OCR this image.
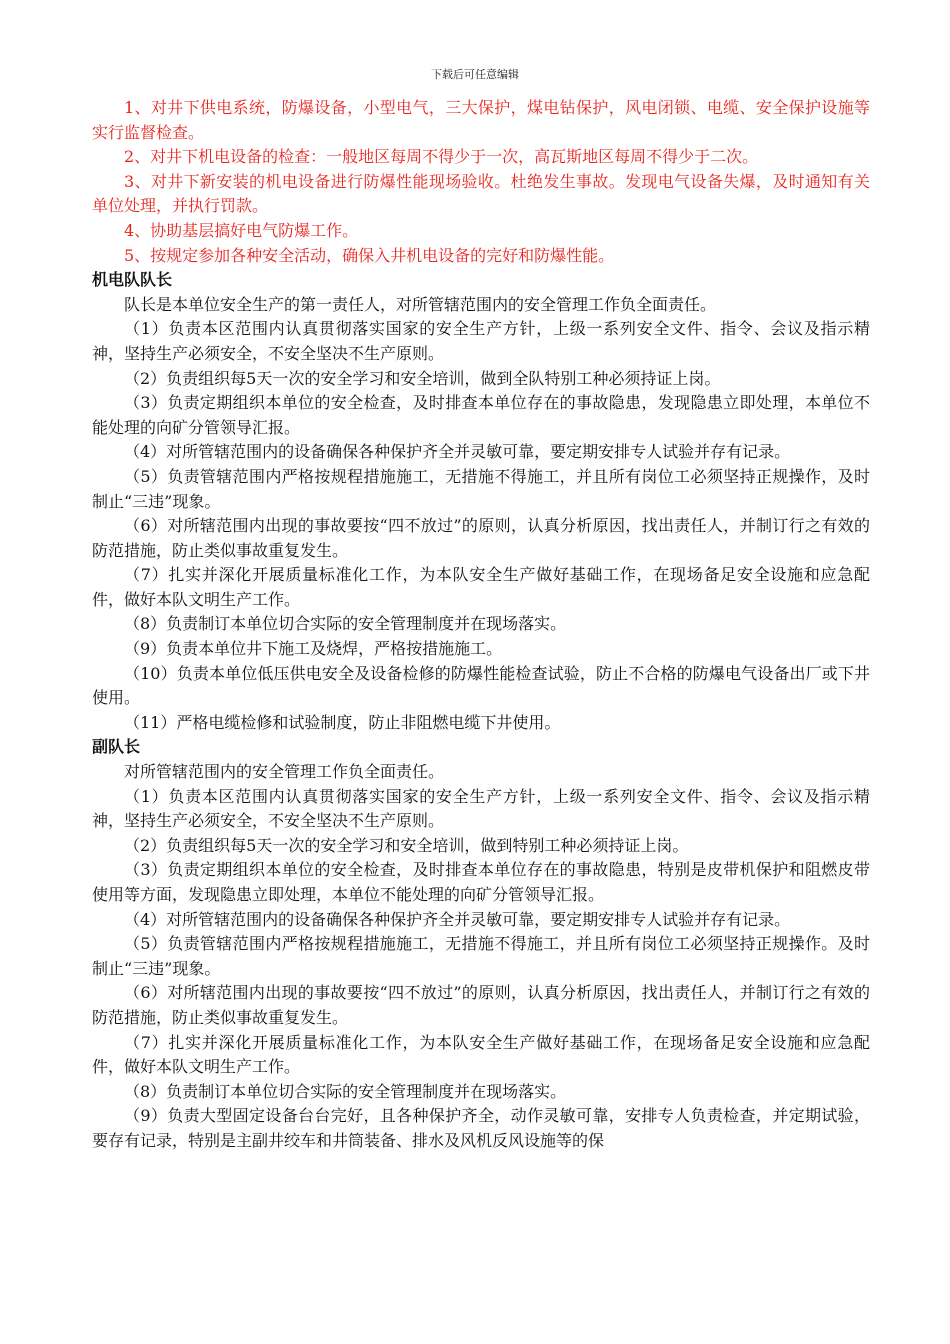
下载后可任意编辑

1、对井下供电系统，防爆设备，小型电气，三大保护，煤电钻保护，风电闭锁、电缆、安全保护设施等实行监督检查。

2、对井下机电设备的检查：一般地区每周不得少于一次，高瓦斯地区每周不得少于二次。

3、对井下新安装的机电设备进行防爆性能现场验收。杜绝发生事故。发现电气设备失爆，及时通知有关单位处理，并执行罚款。

4、协助基层搞好电气防爆工作。

5、按规定参加各种安全活动，确保入井机电设备的完好和防爆性能。

机电队队长

队长是本单位安全生产的第一责任人，对所管辖范围内的安全管理工作负全面责任。

（1）负责本区范围内认真贯彻落实国家的安全生产方针，上级一系列安全文件、指令、会议及指示精神，坚持生产必须安全，不安全坚决不生产原则。

（2）负责组织每5天一次的安全学习和安全培训，做到全队特别工种必须持证上岗。

（3）负责定期组织本单位的安全检查，及时排查本单位存在的事故隐患，发现隐患立即处理，本单位不能处理的向矿分管领导汇报。

（4）对所管辖范围内的设备确保各种保护齐全并灵敏可靠，要定期安排专人试验并存有记录。

（5）负责管辖范围内严格按规程措施施工，无措施不得施工，并且所有岗位工必须坚持正规操作，及时制止“三违”现象。

（6）对所辖范围内出现的事故要按“四不放过”的原则，认真分析原因，找出责任人，并制订行之有效的防范措施，防止类似事故重复发生。

（7）扎实并深化开展质量标准化工作，为本队安全生产做好基础工作，在现场备足安全设施和应急配件，做好本队文明生产工作。

（8）负责制订本单位切合实际的安全管理制度并在现场落实。

（9）负责本单位井下施工及烧焊，严格按措施施工。

（10）负责本单位低压供电安全及设备检修的防爆性能检查试验，防止不合格的防爆电气设备出厂或下井使用。

（11）严格电缆检修和试验制度，防止非阻燃电缆下井使用。

副队长

对所管辖范围内的安全管理工作负全面责任。

（1）负责本区范围内认真贯彻落实国家的安全生产方针，上级一系列安全文件、指令、会议及指示精神，坚持生产必须安全，不安全坚决不生产原则。

（2）负责组织每5天一次的安全学习和安全培训，做到特别工种必须持证上岗。

（3）负责定期组织本单位的安全检查，及时排查本单位存在的事故隐患，特别是皮带机保护和阻燃皮带使用等方面，发现隐患立即处理，本单位不能处理的向矿分管领导汇报。

（4）对所管辖范围内的设备确保各种保护齐全并灵敏可靠，要定期安排专人试验并存有记录。

（5）负责管辖范围内严格按规程措施施工，无措施不得施工，并且所有岗位工必须坚持正规操作。及时制止“三违”现象。

（6）对所辖范围内出现的事故要按“四不放过”的原则，认真分析原因，找出责任人，并制订行之有效的防范措施，防止类似事故重复发生。

（7）扎实并深化开展质量标准化工作，为本队安全生产做好基础工作，在现场备足安全设施和应急配件，做好本队文明生产工作。

（8）负责制订本单位切合实际的安全管理制度并在现场落实。

（9）负责大型固定设备台台完好，且各种保护齐全，动作灵敏可靠，安排专人负责检查，并定期试验，要存有记录，特别是主副井绞车和井筒装备、排水及风机反风设施等的保
